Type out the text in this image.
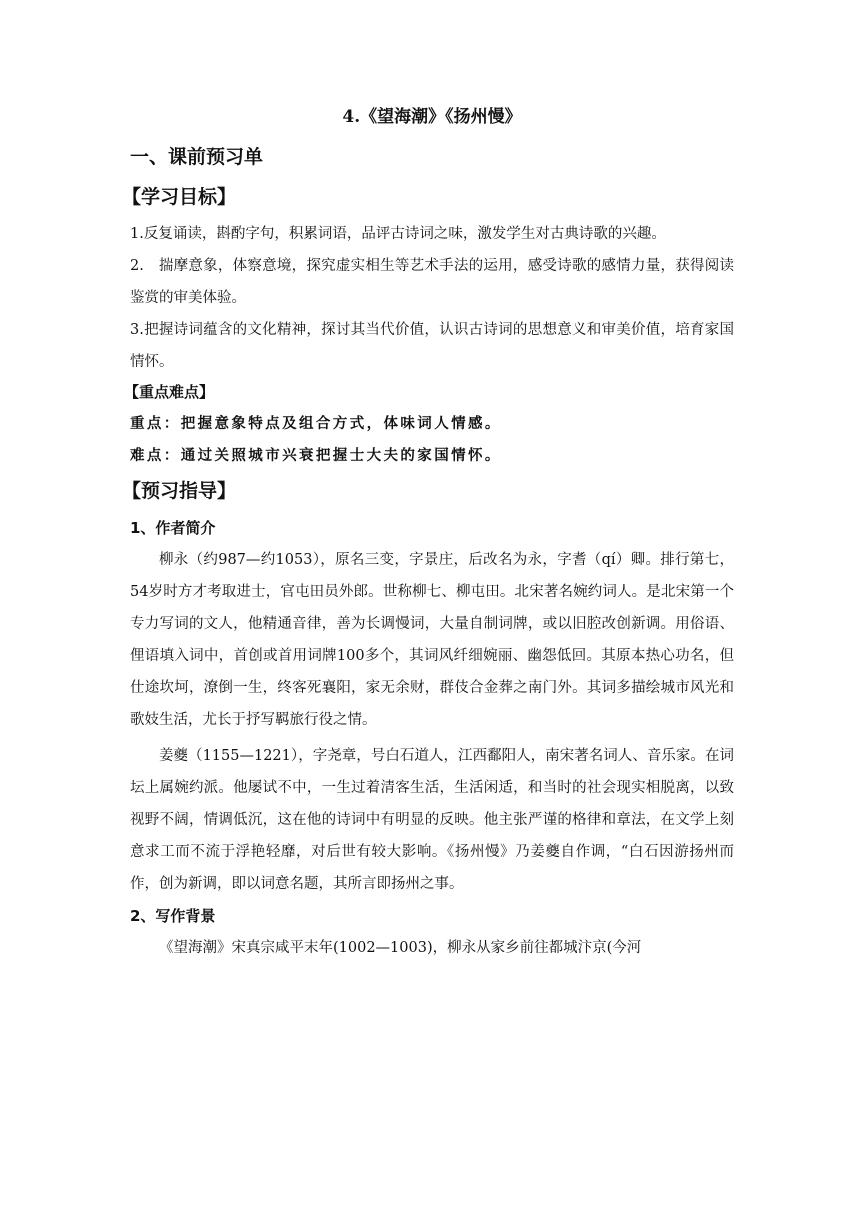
4.《望海潮》《扬州慢》
一、课前预习单
【学习目标】

1.反复诵读，斟酌字句，积累词语，品评古诗词之味，激发学生对古典诗歌的兴趣。

2.　揣摩意象，体察意境，探究虚实相生等艺术手法的运用，感受诗歌的感情力量，获得阅读鉴赏的审美体验。

3.把握诗词蕴含的文化精神，探讨其当代价值，认识古诗词的思想意义和审美价值，培育家国情怀。

【重点难点】

重点：把握意象特点及组合方式，体味词人情感。

难点：通过关照城市兴衰把握士大夫的家国情怀。

【预习指导】
1、作者简介

柳永（约987—约1053），原名三变，字景庄，后改名为永，字耆（qí）卿。排行第七，54岁时方才考取进士，官屯田员外郎。世称柳七、柳屯田。北宋著名婉约词人。是北宋第一个专力写词的文人，他精通音律，善为长调慢词，大量自制词牌，或以旧腔改创新调。用俗语、俚语填入词中，首创或首用词牌100多个，其词风纤细婉丽、幽怨低回。其原本热心功名，但仕途坎坷，潦倒一生，终客死襄阳，家无余财，群伎合金葬之南门外。其词多描绘城市风光和歌妓生活，尤长于抒写羁旅行役之情。

姜夔（1155—1221），字尧章，号白石道人，江西鄱阳人，南宋著名词人、音乐家。在词坛上属婉约派。他屡试不中，一生过着清客生活，生活闲适，和当时的社会现实相脱离，以致视野不阔，情调低沉，这在他的诗词中有明显的反映。他主张严谨的格律和章法，在文学上刻意求工而不流于浮艳轻靡，对后世有较大影响。《扬州慢》乃姜夔自作调，“白石因游扬州而作，创为新调，即以词意名题，其所言即扬州之事。

2、写作背景

《望海潮》宋真宗咸平末年(1002—1003)，柳永从家乡前往都城汴京(今河
